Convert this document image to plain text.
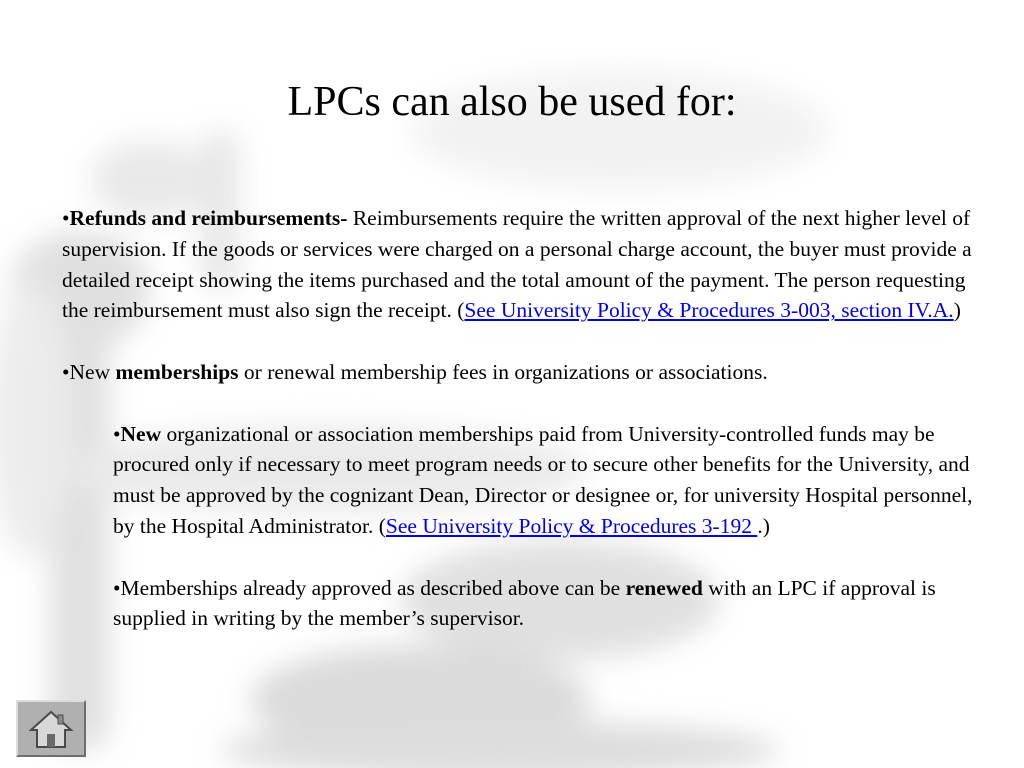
LPCs can also be used for:

•Refunds and reimbursements- Reimbursements require the written approval of the next higher level of supervision. If the goods or services were charged on a personal charge account, the buyer must provide a detailed receipt showing the items purchased and the total amount of the payment. The person requesting the reimbursement must also sign the receipt. (See University Policy & Procedures 3-003, section IV.A.)

•New memberships or renewal membership fees in organizations or associations.

•New organizational or association memberships paid from University-controlled funds may be procured only if necessary to meet program needs or to secure other benefits for the University, and must be approved by the cognizant Dean, Director or designee or, for university Hospital personnel, by the Hospital Administrator. (See University Policy & Procedures 3-192 .)

•Memberships already approved as described above can be renewed with an LPC if approval is supplied in writing by the member’s supervisor.
